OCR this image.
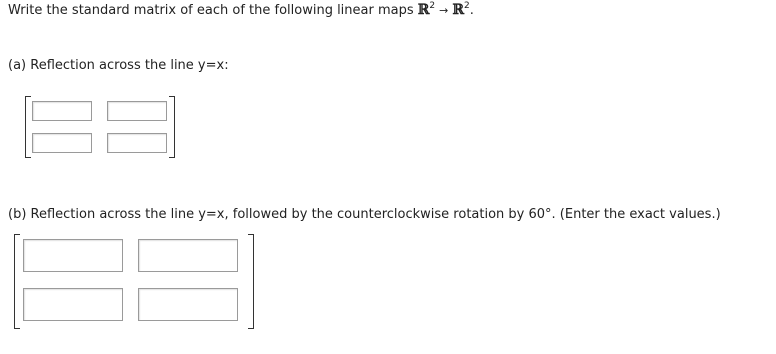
Write the standard matrix of each of the following linear maps ℝ$^2$ → ℝ$^2$.
(a) Reflection across the line y=x:
(b) Reflection across the line y=x, followed by the counterclockwise rotation by 60°. (Enter the exact values.)
